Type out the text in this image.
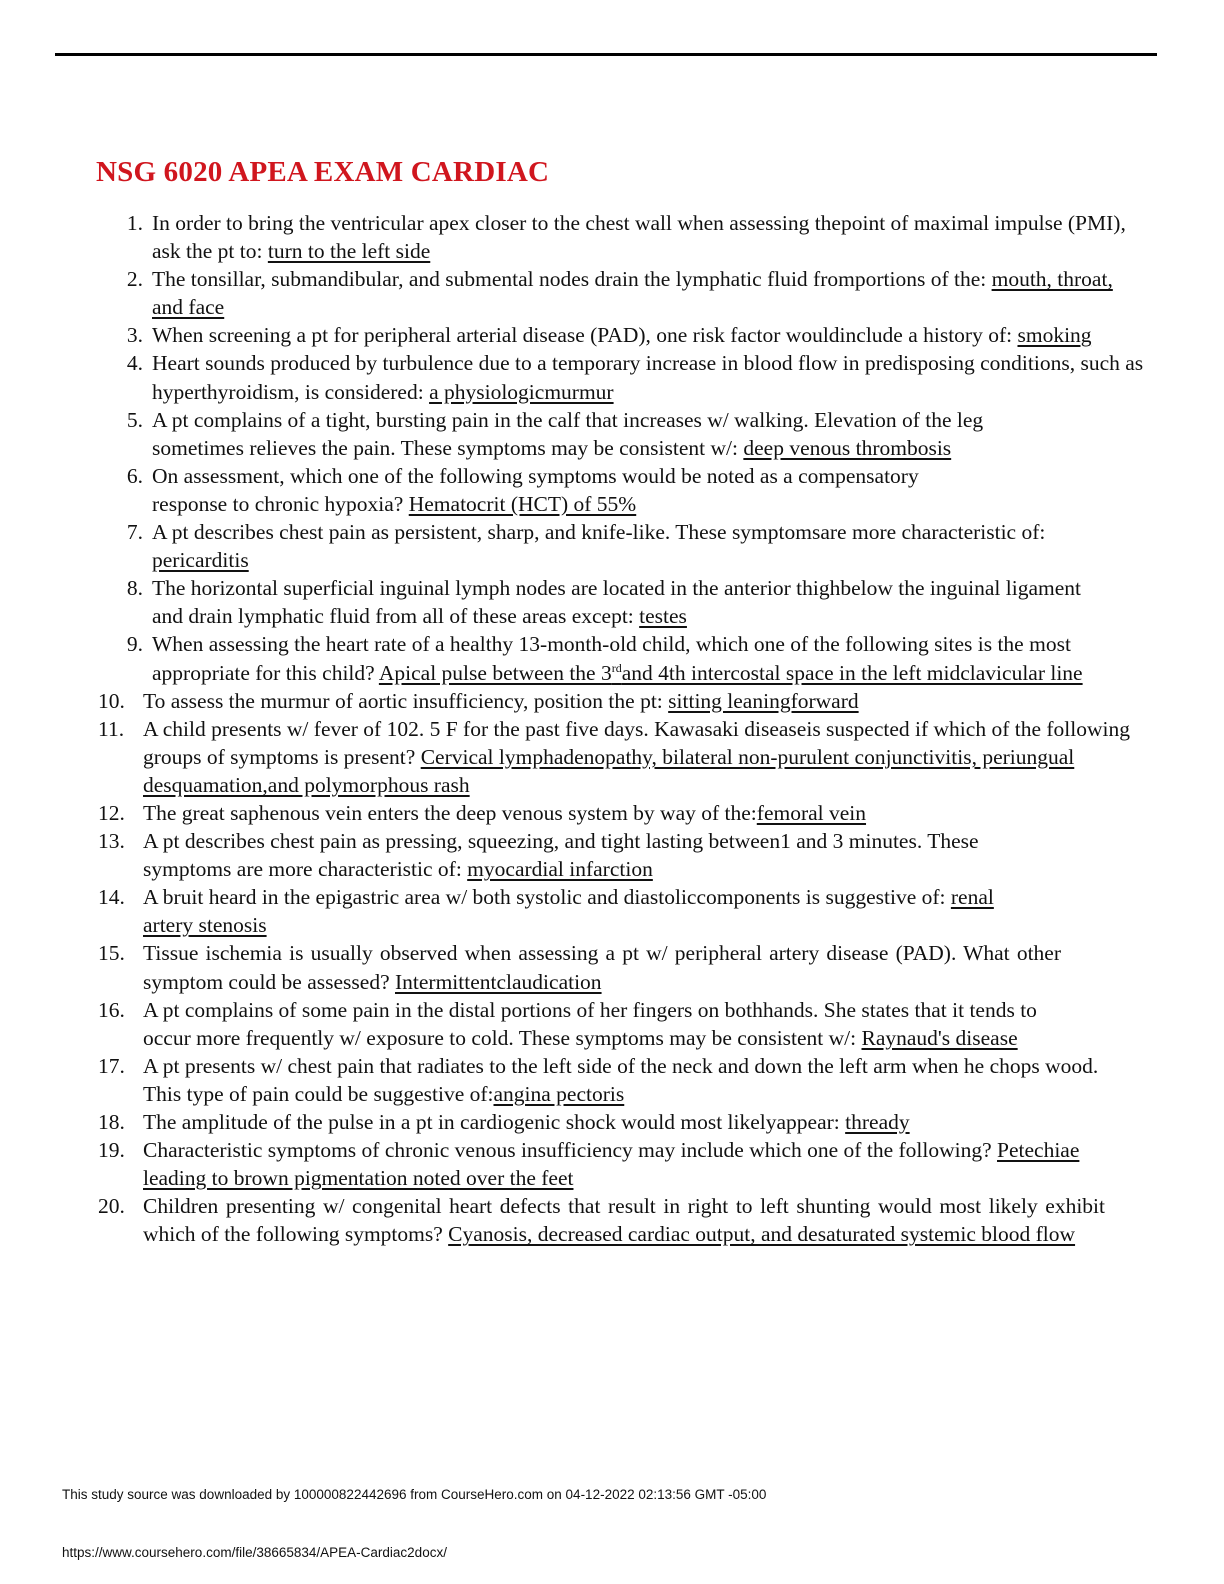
NSG 6020 APEA EXAM CARDIAC
1. In order to bring the ventricular apex closer to the chest wall when assessing thepoint of maximal impulse (PMI), ask the pt to: turn to the left side
2. The tonsillar, submandibular, and submental nodes drain the lymphatic fluid fromportions of the: mouth, throat, and face
3. When screening a pt for peripheral arterial disease (PAD), one risk factor wouldinclude a history of: smoking
4. Heart sounds produced by turbulence due to a temporary increase in blood flow in predisposing conditions, such as hyperthyroidism, is considered: a physiologicmurmur
5. A pt complains of a tight, bursting pain in the calf that increases w/ walking. Elevation of the leg sometimes relieves the pain. These symptoms may be consistent w/: deep venous thrombosis
6. On assessment, which one of the following symptoms would be noted as a compensatory response to chronic hypoxia? Hematocrit (HCT) of 55%
7. A pt describes chest pain as persistent, sharp, and knife-like. These symptomsare more characteristic of: pericarditis
8. The horizontal superficial inguinal lymph nodes are located in the anterior thighbelow the inguinal ligament and drain lymphatic fluid from all of these areas except: testes
9. When assessing the heart rate of a healthy 13-month-old child, which one of the following sites is the most appropriate for this child? Apical pulse between the 3rdand 4th intercostal space in the left midclavicular line
10. To assess the murmur of aortic insufficiency, position the pt: sitting leaningforward
11. A child presents w/ fever of 102. 5 F for the past five days. Kawasaki diseaseis suspected if which of the following groups of symptoms is present? Cervical lymphadenopathy, bilateral non-purulent conjunctivitis, periungual desquamation,and polymorphous rash
12. The great saphenous vein enters the deep venous system by way of the:femoral vein
13. A pt describes chest pain as pressing, squeezing, and tight lasting between1 and 3 minutes. These symptoms are more characteristic of: myocardial infarction
14. A bruit heard in the epigastric area w/ both systolic and diastoliccomponents is suggestive of: renal artery stenosis
15. Tissue ischemia is usually observed when assessing a pt w/ peripheral artery disease (PAD). What other symptom could be assessed? Intermittentclaudication
16. A pt complains of some pain in the distal portions of her fingers on bothhands. She states that it tends to occur more frequently w/ exposure to cold. These symptoms may be consistent w/: Raynaud's disease
17. A pt presents w/ chest pain that radiates to the left side of the neck and down the left arm when he chops wood. This type of pain could be suggestive of:angina pectoris
18. The amplitude of the pulse in a pt in cardiogenic shock would most likelyappear: thready
19. Characteristic symptoms of chronic venous insufficiency may include which one of the following? Petechiae leading to brown pigmentation noted over the feet
20. Children presenting w/ congenital heart defects that result in right to left shunting would most likely exhibit which of the following symptoms? Cyanosis, decreased cardiac output, and desaturated systemic blood flow
This study source was downloaded by 100000822442696 from CourseHero.com on 04-12-2022 02:13:56 GMT -05:00
https://www.coursehero.com/file/38665834/APEA-Cardiac2docx/
